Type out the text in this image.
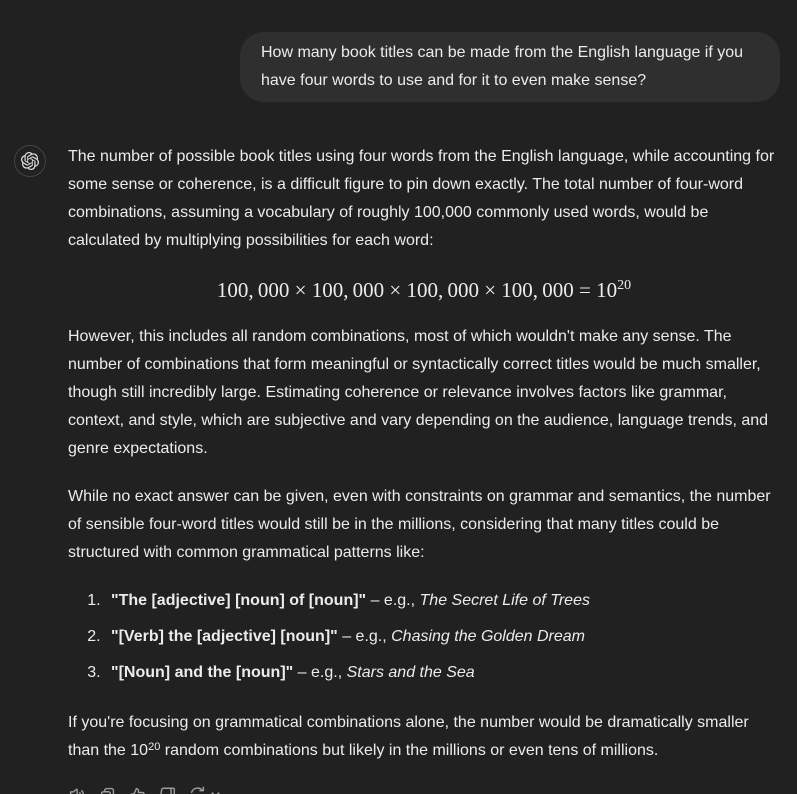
How many book titles can be made from the English language if you have four words to use and for it to even make sense?

The number of possible book titles using four words from the English language, while accounting for some sense or coherence, is a difficult figure to pin down exactly. The total number of four-word combinations, assuming a vocabulary of roughly 100,000 commonly used words, would be calculated by multiplying possibilities for each word:

100, 000 × 100, 000 × 100, 000 × 100, $000 = 10^{20}$

However, this includes all random combinations, most of which wouldn't make any sense. The number of combinations that form meaningful or syntactically correct titles would be much smaller, though still incredibly large. Estimating coherence or relevance involves factors like grammar, context, and style, which are subjective and vary depending on the audience, language trends, and genre expectations.

While no exact answer can be given, even with constraints on grammar and semantics, the number of sensible four-word titles would still be in the millions, considering that many titles could be structured with common grammatical patterns like:

1. "The [adjective] [noun] of [noun]" – e.g., The Secret Life of Trees
2. "[Verb] the [adjective] [noun]" – e.g., Chasing the Golden Dream
3. "[Noun] and the [noun]" – e.g., Stars and the Sea

If you're focusing on grammatical combinations alone, the number would be dramatically smaller than the $10^{20}$ random combinations but likely in the millions or even tens of millions.
